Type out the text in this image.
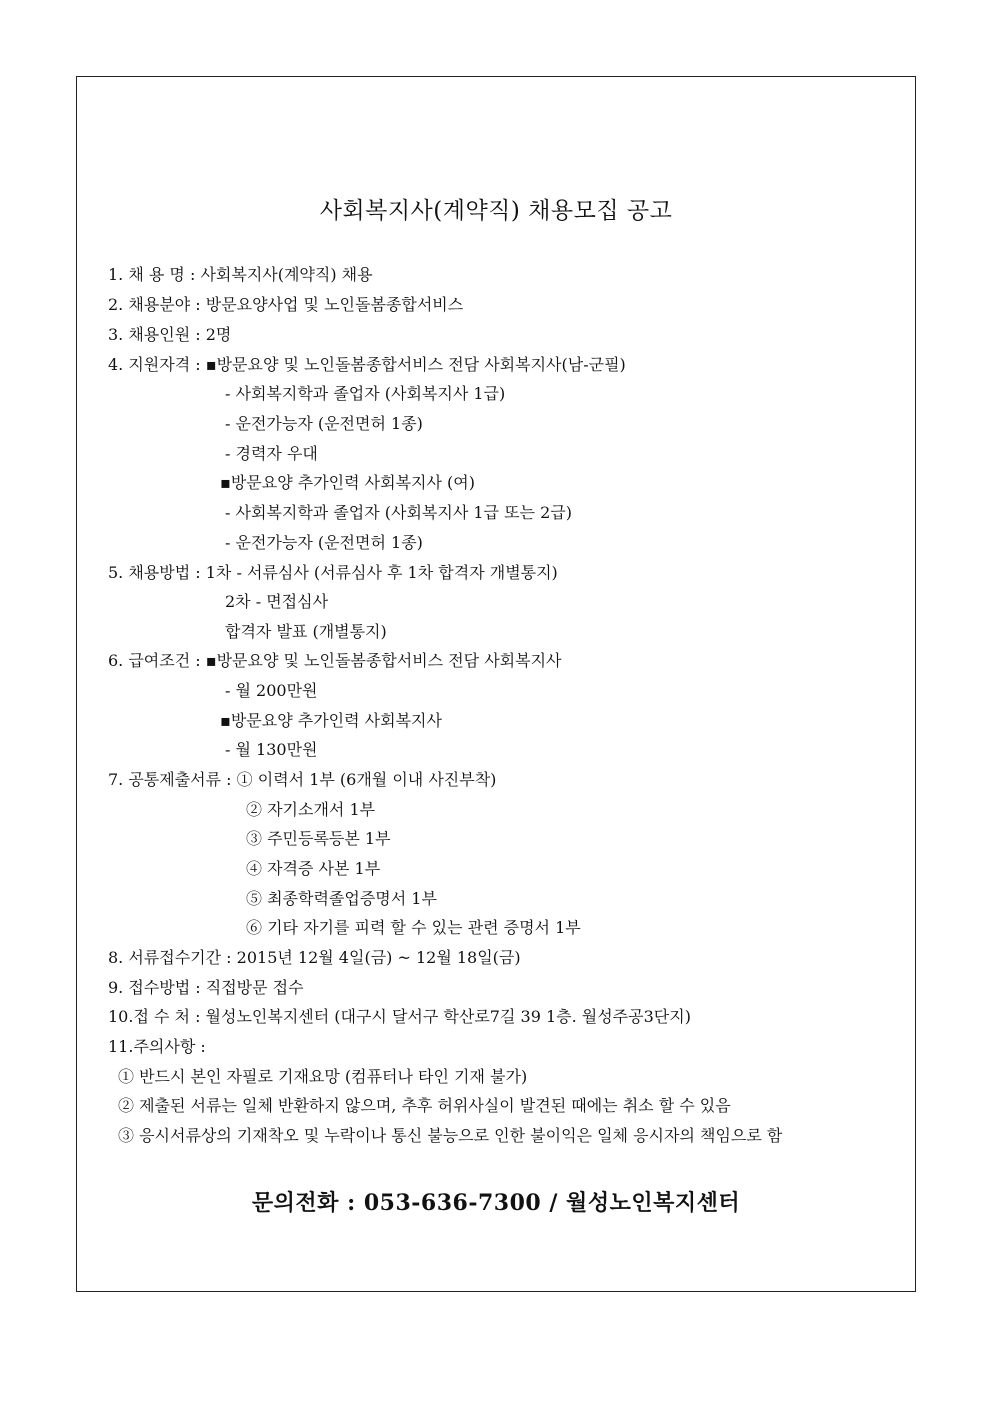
사회복지사(계약직) 채용모집 공고
1. 채 용 명 : 사회복지사(계약직) 채용
2. 채용분야 : 방문요양사업 및 노인돌봄종합서비스
3. 채용인원 : 2명
4. 지원자격 : ▪방문요양 및 노인돌봄종합서비스 전담 사회복지사(남-군필)
- 사회복지학과 졸업자 (사회복지사 1급)
- 운전가능자 (운전면허 1종)
- 경력자 우대
▪방문요양 추가인력 사회복지사 (여)
- 사회복지학과 졸업자 (사회복지사 1급 또는 2급)
- 운전가능자 (운전면허 1종)
5. 채용방법 : 1차 - 서류심사 (서류심사 후 1차 합격자 개별통지)
2차 - 면접심사
합격자 발표 (개별통지)
6. 급여조건 : ▪방문요양 및 노인돌봄종합서비스 전담 사회복지사
- 월 200만원
▪방문요양 추가인력 사회복지사
- 월 130만원
7. 공통제출서류 : ① 이력서 1부 (6개월 이내 사진부착)
② 자기소개서 1부
③ 주민등록등본 1부
④ 자격증 사본 1부
⑤ 최종학력졸업증명서 1부
⑥ 기타 자기를 피력 할 수 있는 관련 증명서 1부
8. 서류접수기간 : 2015년 12월 4일(금) ~ 12월 18일(금)
9. 접수방법 : 직접방문 접수
10.접 수 처 : 월성노인복지센터 (대구시 달서구 학산로7길 39 1층. 월성주공3단지)
11.주의사항 :
① 반드시 본인 자필로 기재요망 (컴퓨터나 타인 기재 불가)
② 제출된 서류는 일체 반환하지 않으며, 추후 허위사실이 발견된 때에는 취소 할 수 있음
③ 응시서류상의 기재착오 및 누락이나 통신 불능으로 인한 불이익은 일체 응시자의 책임으로 함
문의전화 : 053-636-7300 / 월성노인복지센터
